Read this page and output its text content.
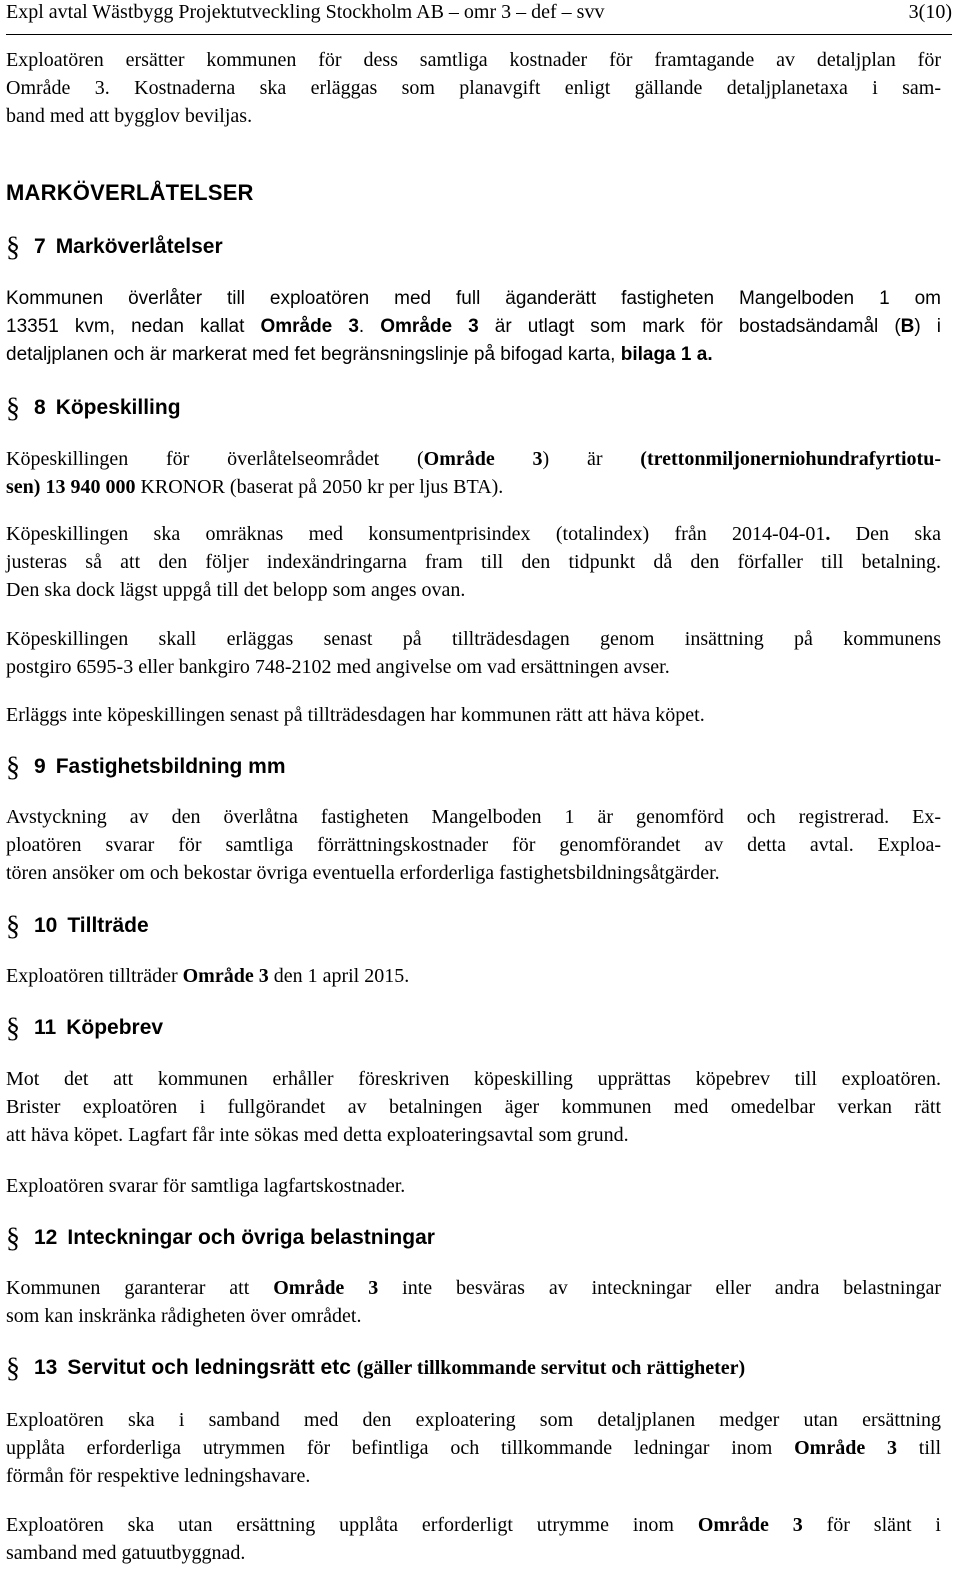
Expl avtal Wästbygg Projektutveckling Stockholm AB – omr 3 – def – svv	3(10)

Exploatören ersätter kommunen för dess samtliga kostnader för framtagande av detaljplan för
Område 3. Kostnaderna ska erläggas som planavgift enligt gällande detaljplanetaxa i sam-
band med att bygglov beviljas.

MARKÖVERLÅTELSER
§ 7 Marköverlåtelser

Kommunen överlåter till exploatören med full äganderätt fastigheten Mangelboden 1 om
13351 kvm, nedan kallat Område 3. Område 3 är utlagt som mark för bostadsändamål (B) i
detaljplanen och är markerat med fet begränsningslinje på bifogad karta, bilaga 1 a.

§ 8 Köpeskilling

Köpeskillingen för överlåtelseområdet (Område 3) är (trettonmiljonerniohundrafyrtiotu-
sen) 13 940 000 KRONOR (baserat på 2050 kr per ljus BTA).

Köpeskillingen ska omräknas med konsumentprisindex (totalindex) från 2014-04-01. Den ska
justeras så att den följer indexändringarna fram till den tidpunkt då den förfaller till betalning.
Den ska dock lägst uppgå till det belopp som anges ovan.

Köpeskillingen skall erläggas senast på tillträdesdagen genom insättning på kommunens
postgiro 6595-3 eller bankgiro 748-2102 med angivelse om vad ersättningen avser.

Erläggs inte köpeskillingen senast på tillträdesdagen har kommunen rätt att häva köpet.

§ 9 Fastighetsbildning mm

Avstyckning av den överlåtna fastigheten Mangelboden 1 är genomförd och registrerad. Ex-
ploatören svarar för samtliga förrättningskostnader för genomförandet av detta avtal. Exploa-
tören ansöker om och bekostar övriga eventuella erforderliga fastighetsbildningsåtgärder.

§ 10 Tillträde

Exploatören tillträder Område 3 den 1 april 2015.

§ 11 Köpebrev

Mot det att kommunen erhåller föreskriven köpeskilling upprättas köpebrev till exploatören.
Brister exploatören i fullgörandet av betalningen äger kommunen med omedelbar verkan rätt
att häva köpet. Lagfart får inte sökas med detta exploateringsavtal som grund.

Exploatören svarar för samtliga lagfartskostnader.

§ 12 Inteckningar och övriga belastningar

Kommunen garanterar att Område 3 inte besväras av inteckningar eller andra belastningar
som kan inskränka rådigheten över området.

§ 13 Servitut och ledningsrätt etc (gäller tillkommande servitut och rättigheter)

Exploatören ska i samband med den exploatering som detaljplanen medger utan ersättning
upplåta erforderliga utrymmen för befintliga och tillkommande ledningar inom Område 3 till
förmån för respektive ledningshavare.

Exploatören ska utan ersättning upplåta erforderligt utrymme inom Område 3 för slänt i
samband med gatuutbyggnad.
